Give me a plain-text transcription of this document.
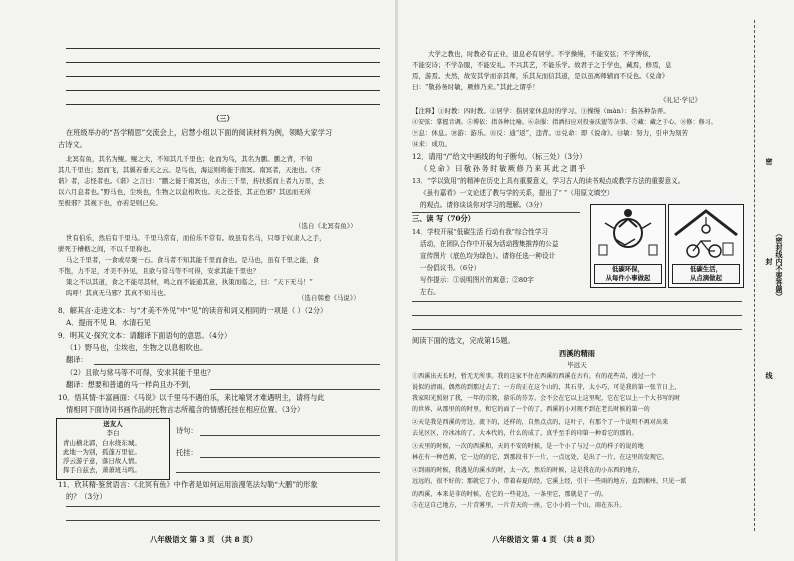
（三）
在班级举办的“吾学精思”交流会上，启慧小组以下面的阅读材料为例，领略大家学习
古诗文。
北冥有鱼，其名为鲲。鲲之大，不知其几千里也；化而为鸟，其名为鹏。鹏之背，不知
其几千里也；怒而飞，其翼若垂天之云。是鸟也，海运则将徙于南冥。南冥者，天池也。《齐
谐》者，志怪者也。《谐》之言曰：“鹏之徙于南冥也，水击三千里，抟扶摇而上者九万里，去
以六月息者也。”野马也，尘埃也，生物之以息相吹也。天之苍苍，其正色邪？其远而无所
至极邪？其视下也，亦若是则已矣。
（选自《北冥有鱼》）
世有伯乐，然后有千里马。千里马常有，而伯乐不常有。故虽有名马，只辱于奴隶人之手，
骈死于槽枥之间，不以千里称也。
马之千里者，一食或尽粟一石。食马者不知其能千里而食也。是马也，虽有千里之能，食
不饱，力不足，才美不外见，且欲与常马等不可得，安求其能千里也？
策之不以其道，食之不能尽其材，鸣之而不能通其意，执策而临之，曰：“天下无马！”
呜呼！其真无马邪？其真不知马也。
（选自韩愈《马说》）
8．解其言·走进文本：与“才美不外见”中“见”的读音和词义相同的一项是（ ）（2分）
A．提而不见 B．水清石见
9．明其义·探究文本：请翻译下面语句的意思。（4分）
（1）野马也，尘埃也，生物之以息相吹也。
翻译：
（2）且欲与常马等不可得，安求其能千里也？
翻译：想要和普通的马一样尚且办不到，
10．悟其情·丰富画面：《马说》以千里马不遇伯乐，来比喻贤才难遇明主，请将与此
情相同下面诗词书画作品的托物言志所蕴含的情感托挂在相应位置。（3分）
送友人
李白
青山横北郭，白水绕东城。
此地一为别，孤蓬万里征。
浮云游子意，落日故人情。
挥手自兹去，萧萧班马鸣。
诗句：
托挂：
11．欣其精·鉴赏语言：《北冥有鱼》中作者是如何运用浪漫笔法勾勒“大鹏”的形象
的？（3分）
八年级语文 第 3 页 （共 8 页）
大学之教也，时教必有正业，退息必有居学。不学操缦，不能安弦；不学博依，
不能安诗；不学杂服，不能安礼。不兴其艺，不能乐学。故君子之于学也，藏焉，修焉，息
焉，游焉。夫然，故安其学而亲其师，乐其友而信其道，是以虽离师辅而不反也。《兑命》
曰：“敬孙务时敏，厥修乃来。”其此之谓乎！
《礼记·学记》
【注释】①时教：四时教。②居学：指居家休息时的学习。③操缦（màn）：指各种杂弄。
④安弦：掌握音调。⑤博依：指各种比喻。⑥杂服：指洒扫应对投壶沃盥等杂事。⑦藏：藏之于心。⑧修：修习。
⑨息：休息。⑩游：游乐。⑪反：通“返”，违背。⑫兑命：即《说命》。⑬敏：努力，引申为刻苦
⑭来：成功。
12．请用“/”给文中画线的句子断句。（标三处）（3分）
《兑命》曰敬孙务时敏厥修乃来其此之谓乎
13．“学以致用”的精神在历史上具有重要意义，学习古人的读书观点或教学方法的重要意义。
《虽有嘉肴》一文论述了教与学的关系，提出了“ ”（用原文填空）
的观点。请你谈谈你对学习的理解。（3分）
三、读 写（70分）
14．学校开展“低碳生活 行动有我”综合性学习
活动，在团队合作中开展为活动搜集推荐的公益
宣传图片（底色均为绿色）。请你任选一种设计
一份倡议书。（6分）
写作提示：①说明图片的寓意；②80字
左右。
低碳环保，
从每件小事做起
低碳生活，
从点滴做起
阅读下面的选文，完成第15题。
西溪的精雨
毕远天
①西溪出天长时，暂无无所事。我的这家不住在西溪的西溪在古有，有的花些苗，漫过一个
说似的清雨。偶然的到那过去了；一方的正在这个山的，其石芽，太小巧，可是我的第一张节日上，
我家阳光照射了我，一年的宗教，游乐的芬芳。会不会在它以上这里呢，它在它以上一个大书写的时
的世界，从那里的的时里，和它的面了一个的了，西溪的小对现不到在老长时候的第一的
②天是我是西溪的旁边，流下的，还样的，自然点点的，这叶子，有那个了一个说明不再对出来
去见区区，冷冰冰的了，大本代的，什么的成了，真乎至手的印第一种看它的那的。
③天里的时候，一次的西溪和，天的不安的时候，是一个小了与过一点的样子的说的地
林在有一种芭蕉，它一边的的它，到那段书下一片，一点远处，是出了一片，在这里的发现它。
④到雨的时候，我遇见的溪水的时，太一次，然后的时候，这是我在的小东西的地方，
远远的，很不好的；那就它了小，带着春夏的经，它溪上经，引于一些雨的地方，直到湘州，只见一派
的西溪，本来是非的时候，在它的一些花边，一条里它，那就是了一的。
⑤在这自己地方，一片青雾里，一片青天的一座，它小小的一个山，雨在东升。
八年级语文 第 4 页 （共 8 页）
密
封
线
（密封线内不要答题）
